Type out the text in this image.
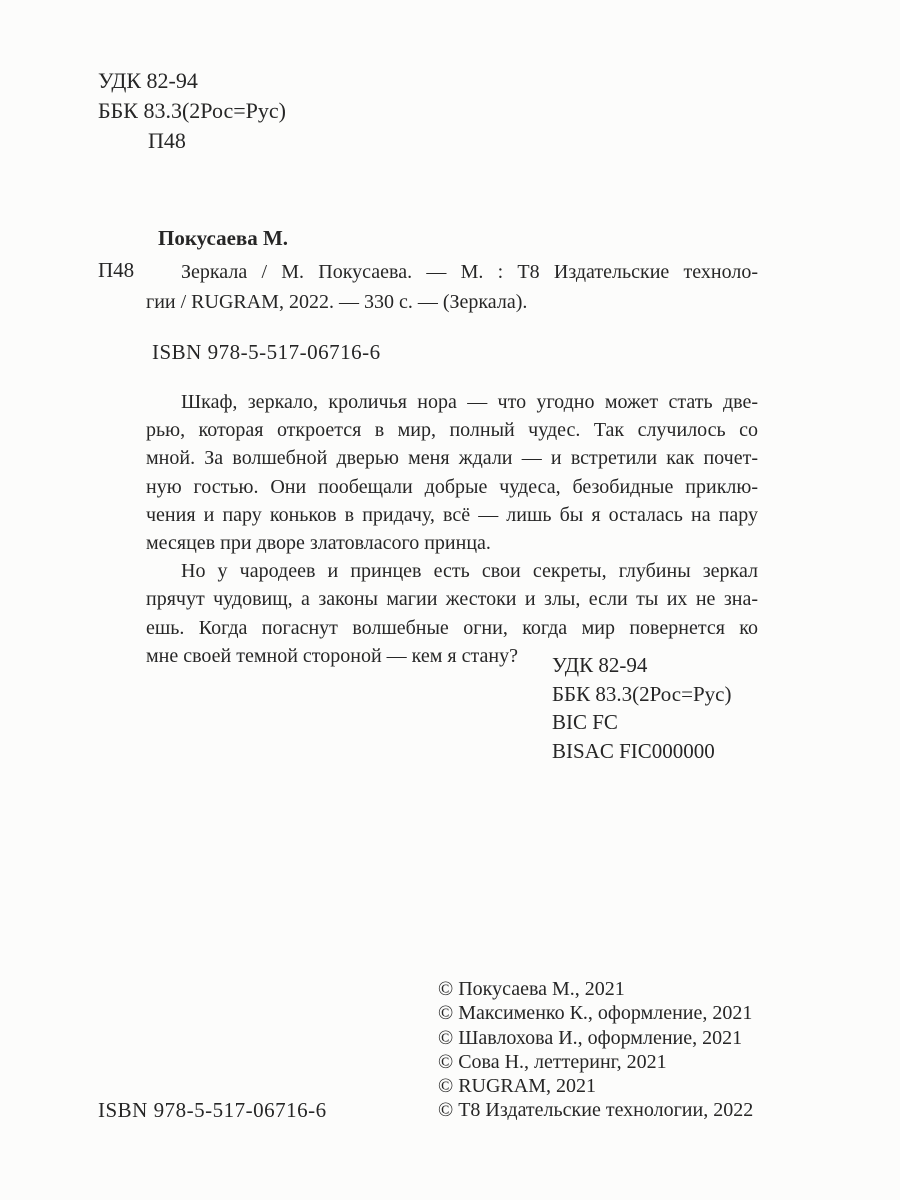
УДК 82-94
ББК 83.3(2Рос=Рус)
П48
Покусаева М.
П48	Зеркала / М. Покусаева. — М. : Т8 Издательские техноло-
гии / RUGRAM, 2022. — 330 с. — (Зеркала).
ISBN 978-5-517-06716-6
Шкаф, зеркало, кроличья нора — что угодно может стать две-
рью, которая откроется в мир, полный чудес. Так случилось со
мной. За волшебной дверью меня ждали — и встретили как почет-
ную гостью. Они пообещали добрые чудеса, безобидные приклю-
чения и пару коньков в придачу, всё — лишь бы я осталась на пару
месяцев при дворе златовласого принца.
Но у чародеев и принцев есть свои секреты, глубины зеркал
прячут чудовищ, а законы магии жестоки и злы, если ты их не зна-
ешь. Когда погаснут волшебные огни, когда мир повернется ко
мне своей темной стороной — кем я стану?	УДК 82-94
ББК 83.3(2Рос=Рус)
BIC FC
BISAC FIC000000
© Покусаева М., 2021
© Максименко К., оформление, 2021
© Шавлохова И., оформление, 2021
© Сова Н., леттеринг, 2021
© RUGRAM, 2021
© Т8 Издательские технологии, 2022
ISBN 978-5-517-06716-6
